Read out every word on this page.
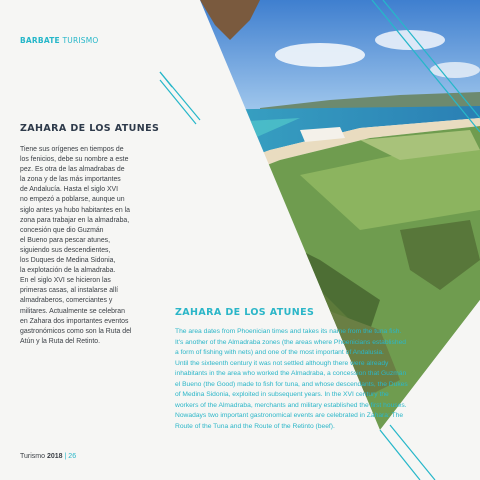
BARBATE TURISMO
ZAHARA DE LOS ATUNES
Tiene sus orígenes en tiempos de
los fenicios, debe su nombre a este
pez. Es otra de las almadrabas de
la zona y de las más importantes
de Andalucía. Hasta el siglo XVI
no empezó a poblarse, aunque un
siglo antes ya hubo habitantes en la
zona para trabajar en la almadraba,
concesión que dio Guzmán
el Bueno para pescar atunes,
siguiendo sus descendientes,
los Duques de Medina Sidonia,
la explotación de la almadraba.
En el siglo XVI se hicieron las
primeras casas, al instalarse allí
almadraberos, comerciantes y
militares. Actualmente se celebran
en Zahara dos importantes eventos
gastronómicos como son la Ruta del
Atún y la Ruta del Retinto.
ZAHARA DE LOS ATUNES
The area dates from Phoenician times and takes its name from the tuna fish.
It's another of the Almadraba zones (the areas where Phoenicians established
a form of fishing with nets) and one of the most important of Andalusia.
Until the sixteenth century it was not settled although there were already
inhabitants in the area who worked the Almadraba, a concession that Guzmán
el Bueno (the Good) made to fish for tuna, and whose descendants, the Dukes
of Medina Sidonia, exploited in subsequent years. In the XVI century the
workers of the Almadraba, merchants and military established the first houses.
Nowadays two important gastronomical events are celebrated in Zahara: The
Route of the Tuna and the Route of the Retinto (beef).
Turismo 2018 | 26
